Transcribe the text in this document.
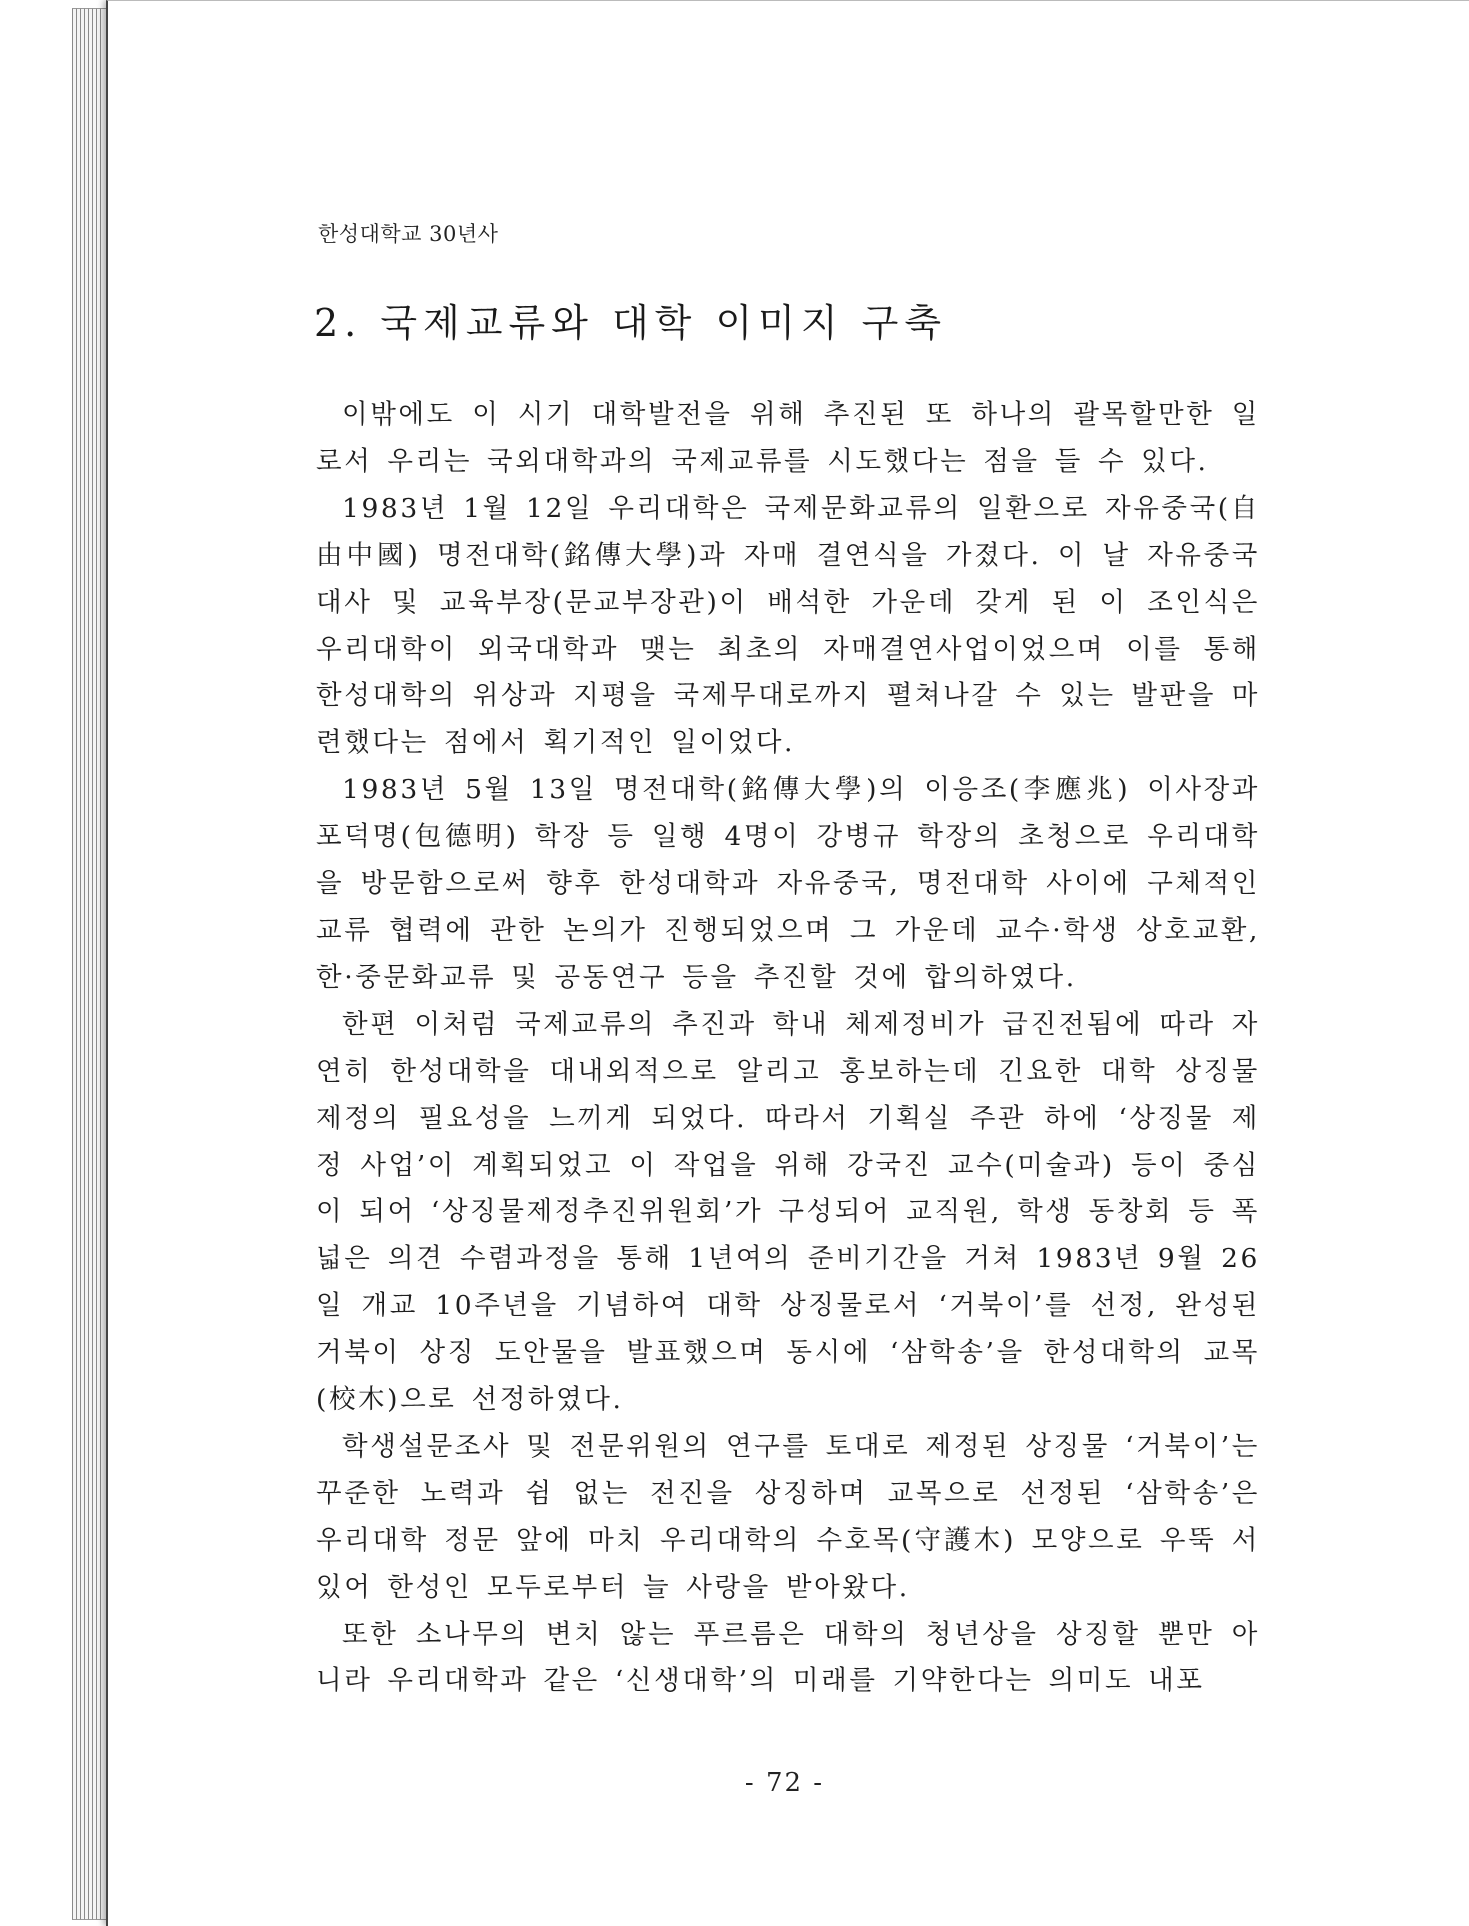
한성대학교 30년사
2. 국제교류와 대학 이미지 구축

이밖에도 이 시기 대학발전을 위해 추진된 또 하나의 괄목할만한 일로서 우리는 국외대학과의 국제교류를 시도했다는 점을 들 수 있다.

1983년 1월 12일 우리대학은 국제문화교류의 일환으로 자유중국(自由中國) 명전대학(銘傳大學)과 자매 결연식을 가졌다. 이 날 자유중국 대사 및 교육부장(문교부장관)이 배석한 가운데 갖게 된 이 조인식은 우리대학이 외국대학과 맺는 최초의 자매결연사업이었으며 이를 통해 한성대학의 위상과 지평을 국제무대로까지 펼쳐나갈 수 있는 발판을 마련했다는 점에서 획기적인 일이었다.

1983년 5월 13일 명전대학(銘傳大學)의 이응조(李應兆) 이사장과 포덕명(包德明) 학장 등 일행 4명이 강병규 학장의 초청으로 우리대학을 방문함으로써 향후 한성대학과 자유중국, 명전대학 사이에 구체적인 교류 협력에 관한 논의가 진행되었으며 그 가운데 교수·학생 상호교환, 한·중문화교류 및 공동연구 등을 추진할 것에 합의하였다.

한편 이처럼 국제교류의 추진과 학내 체제정비가 급진전됨에 따라 자연히 한성대학을 대내외적으로 알리고 홍보하는데 긴요한 대학 상징물 제정의 필요성을 느끼게 되었다. 따라서 기획실 주관 하에 ‘상징물 제정 사업’이 계획되었고 이 작업을 위해 강국진 교수(미술과) 등이 중심이 되어 ‘상징물제정추진위원회’가 구성되어 교직원, 학생 동창회 등 폭넓은 의견 수렴과정을 통해 1년여의 준비기간을 거쳐 1983년 9월 26일 개교 10주년을 기념하여 대학 상징물로서 ‘거북이’를 선정, 완성된 거북이 상징 도안물을 발표했으며 동시에 ‘삼학송’을 한성대학의 교목(校木)으로 선정하였다.

학생설문조사 및 전문위원의 연구를 토대로 제정된 상징물 ‘거북이’는 꾸준한 노력과 쉼 없는 전진을 상징하며 교목으로 선정된 ‘삼학송’은 우리대학 정문 앞에 마치 우리대학의 수호목(守護木) 모양으로 우뚝 서있어 한성인 모두로부터 늘 사랑을 받아왔다.

또한 소나무의 변치 않는 푸르름은 대학의 청년상을 상징할 뿐만 아니라 우리대학과 같은 ‘신생대학’의 미래를 기약한다는 의미도 내포

- 72 -
